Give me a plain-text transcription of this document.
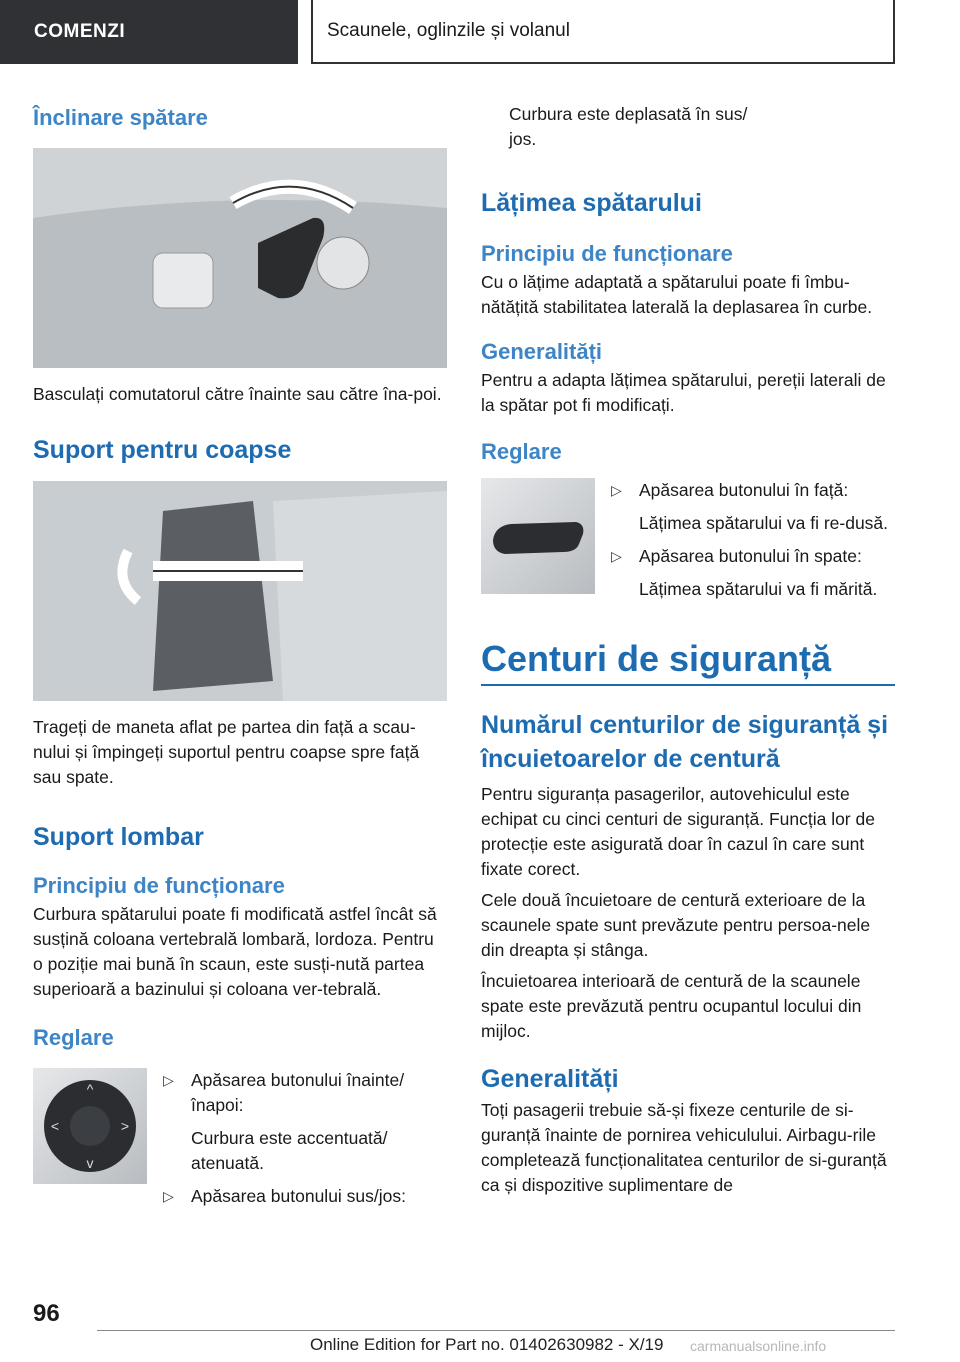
COMENZI	Scaunele, oglinzile și volanul
Înclinare spătare

Basculați comutatorul către înainte sau către îna-poi.

Suport pentru coapse

Trageți de maneta aflat pe partea din față a scau-nului și împingeți suportul pentru coapse spre față sau spate.

Suport lombar
Principiu de funcționare

Curbura spătarului poate fi modificată astfel încât să susțină coloana vertebrală lombară, lordoza. Pentru o poziție mai bună în scaun, este susți-nută partea superioară a bazinului și coloana ver-tebrală.

Reglare
^
v
<	>
▷ Apăsarea butonului înainte/ înapoi:
Curbura este accentuată/ atenuată.
▷ Apăsarea butonului sus/jos:

Curbura este deplasată în sus/ jos.

Lățimea spătarului
Principiu de funcționare

Cu o lățime adaptată a spătarului poate fi îmbu-nătățită stabilitatea laterală la deplasarea în curbe.

Generalități

Pentru a adapta lățimea spătarului, pereții laterali de la spătar pot fi modificați.

Reglare
▷ Apăsarea butonului în față:
Lățimea spătarului va fi re-dusă.
▷ Apăsarea butonului în spate:
Lățimea spătarului va fi mărită.
Centuri de siguranță
Numărul centurilor de siguranță și încuietoarelor de centură

Pentru siguranța pasagerilor, autovehiculul este echipat cu cinci centuri de siguranță. Funcția lor de protecție este asigurată doar în cazul în care sunt fixate corect.

Cele două încuietoare de centură exterioare de la scaunele spate sunt prevăzute pentru persoa-nele din dreapta și stânga.

Încuietoarea interioară de centură de la scaunele spate este prevăzută pentru ocupantul locului din mijloc.

Generalități

Toți pasagerii trebuie să-și fixeze centurile de si-guranță înainte de pornirea vehiculului. Airbagu-rile completează funcționalitatea centurilor de si-guranță ca și dispozitive suplimentare de

96
Online Edition for Part no. 01402630982 - X/19 carmanualsonline.info
